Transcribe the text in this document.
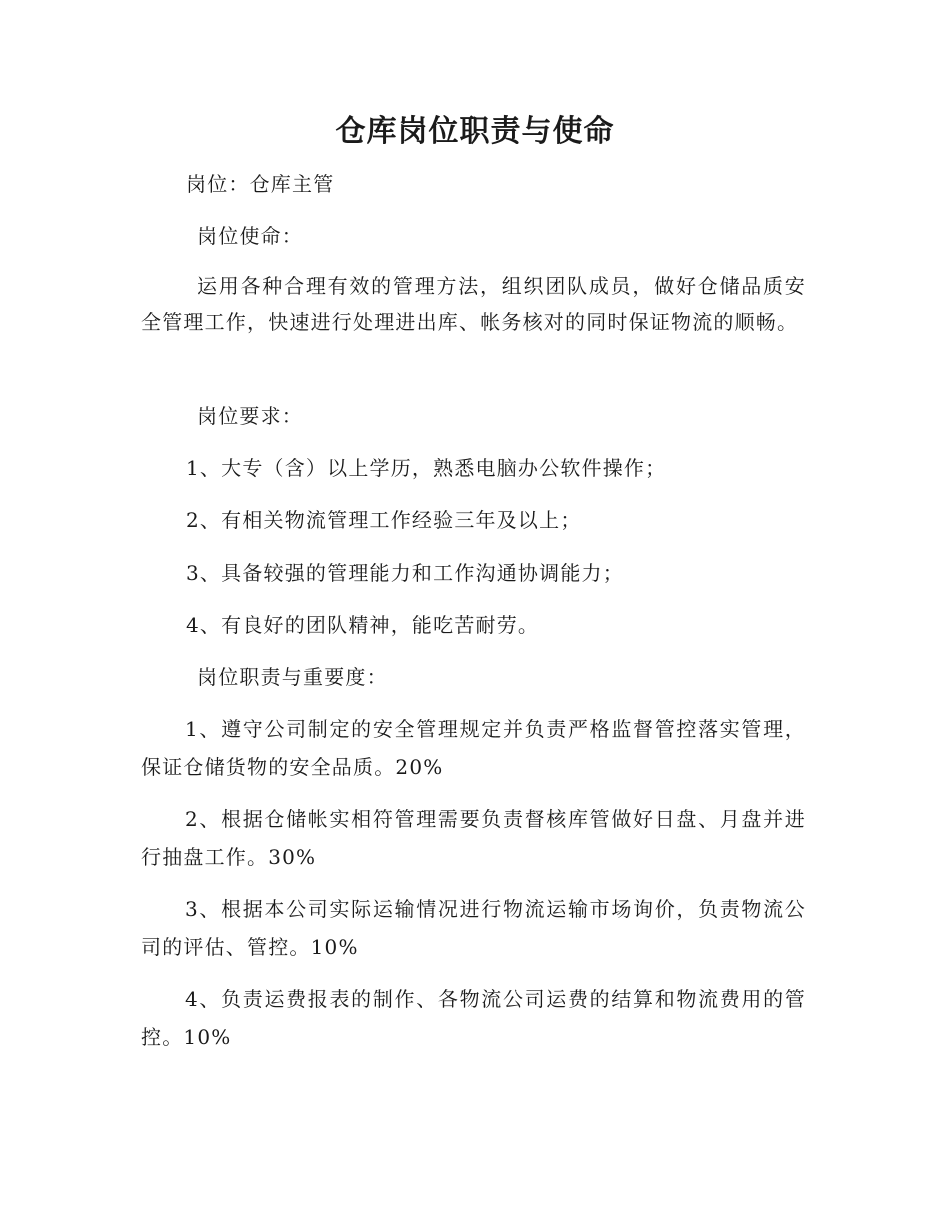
仓库岗位职责与使命
岗位：仓库主管
岗位使命：
运用各种合理有效的管理方法，组织团队成员，做好仓储品质安全管理工作，快速进行处理进出库、帐务核对的同时保证物流的顺畅。
岗位要求：
1、大专（含）以上学历，熟悉电脑办公软件操作；
2、有相关物流管理工作经验三年及以上；
3、具备较强的管理能力和工作沟通协调能力；
4、有良好的团队精神，能吃苦耐劳。
岗位职责与重要度：
1、遵守公司制定的安全管理规定并负责严格监督管控落实管理，保证仓储货物的安全品质。20%
2、根据仓储帐实相符管理需要负责督核库管做好日盘、月盘并进行抽盘工作。30%
3、根据本公司实际运输情况进行物流运输市场询价，负责物流公司的评估、管控。10%
4、负责运费报表的制作、各物流公司运费的结算和物流费用的管控。10%
